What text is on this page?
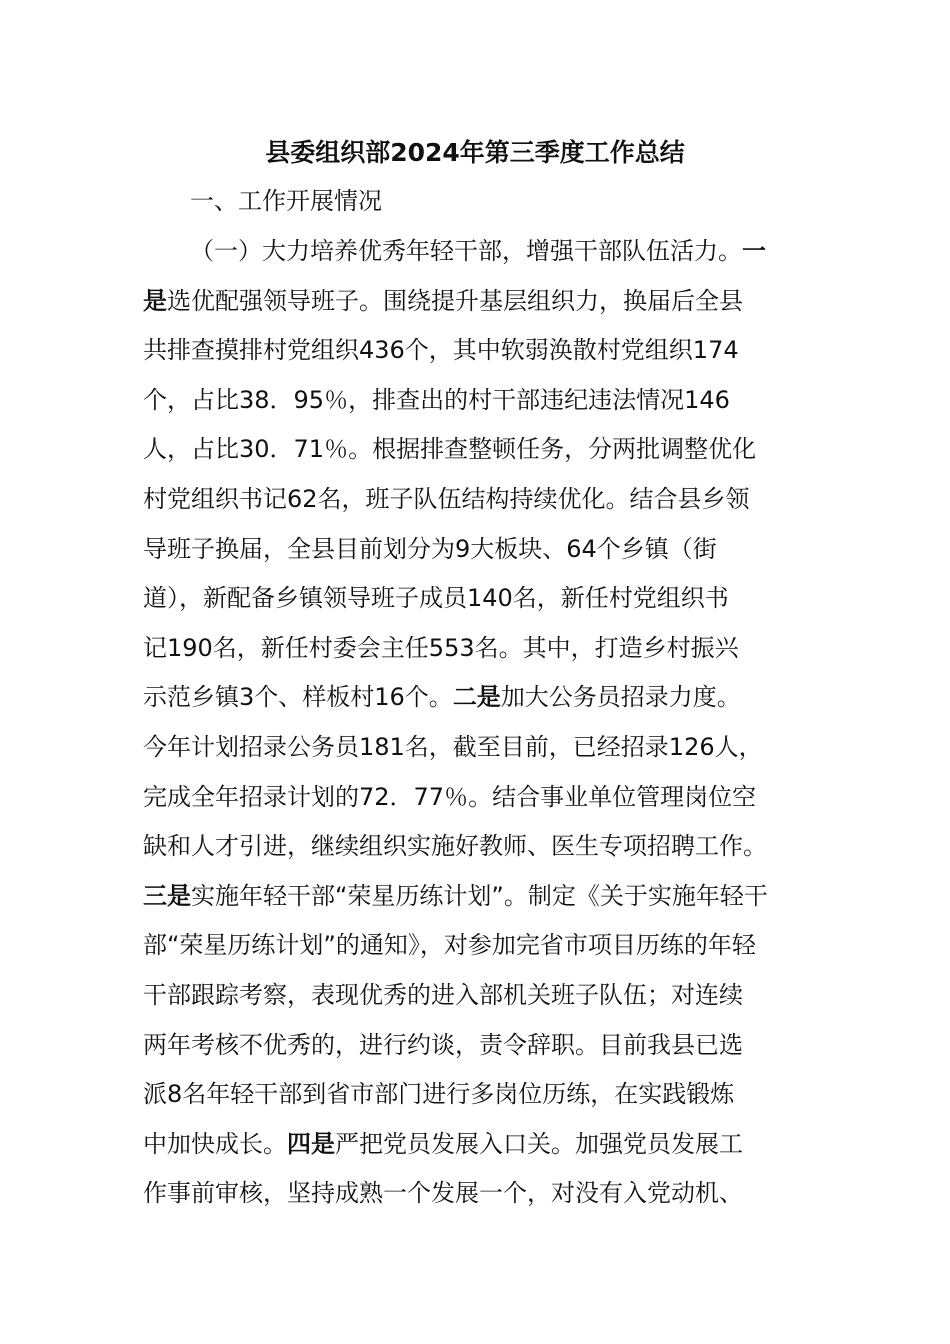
县委组织部2024年第三季度工作总结
一、工作开展情况
（一）大力培养优秀年轻干部，增强干部队伍活力。一
是选优配强领导班子。围绕提升基层组织力，换届后全县
共排查摸排村党组织436个，其中软弱涣散村党组织174
个，占比38．95％，排查出的村干部违纪违法情况146
人，占比30．71％。根据排查整顿任务，分两批调整优化
村党组织书记62名，班子队伍结构持续优化。结合县乡领
导班子换届，全县目前划分为9大板块、64个乡镇（街
道），新配备乡镇领导班子成员140名，新任村党组织书
记190名，新任村委会主任553名。其中，打造乡村振兴
示范乡镇3个、样板村16个。二是加大公务员招录力度。
今年计划招录公务员181名，截至目前，已经招录126人，
完成全年招录计划的72．77％。结合事业单位管理岗位空
缺和人才引进，继续组织实施好教师、医生专项招聘工作。
三是实施年轻干部“荣星历练计划”。制定《关于实施年轻干
部“荣星历练计划”的通知》，对参加完省市项目历练的年轻
干部跟踪考察，表现优秀的进入部机关班子队伍；对连续
两年考核不优秀的，进行约谈，责令辞职。目前我县已选
派8名年轻干部到省市部门进行多岗位历练，在实践锻炼
中加快成长。四是严把党员发展入口关。加强党员发展工
作事前审核，坚持成熟一个发展一个，对没有入党动机、
